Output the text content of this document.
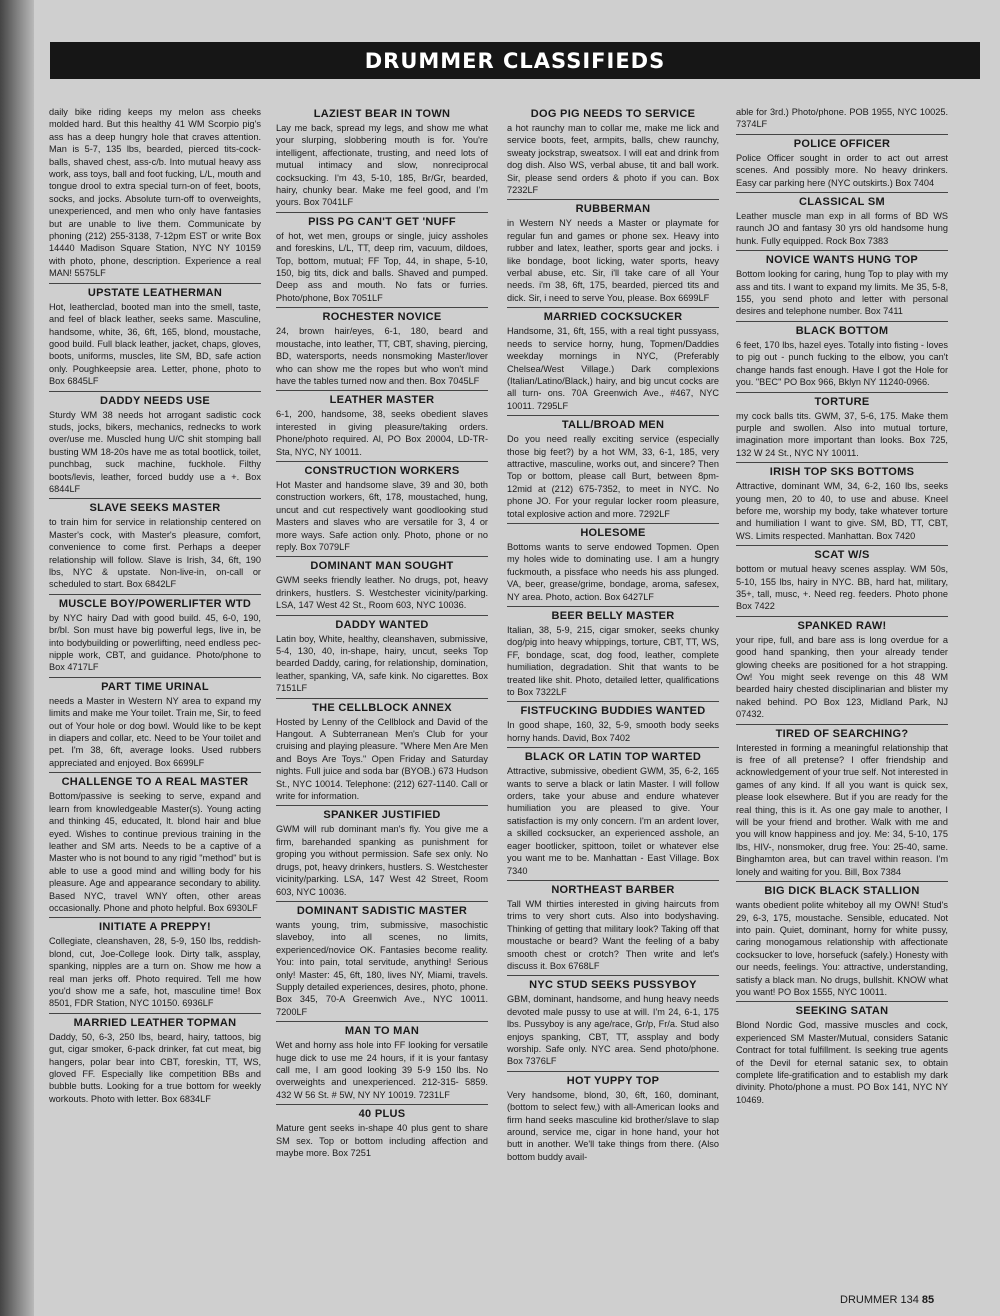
DRUMMER CLASSIFIEDS
daily bike riding keeps my melon ass cheeks molded hard. But this healthy 41 WM Scorpio pig's ass has a deep hungry hole that craves attention. Man is 5-7, 135 lbs, bearded, pierced tits-cock-balls, shaved chest, ass-c/b. Into mutual heavy ass work, ass toys, ball and foot fucking, L/L, mouth and tongue drool to extra special turn-on of feet, boots, socks, and jocks. Absolute turn-off to overweights, unexperienced, and men who only have fantasies but are unable to live them. Communicate by phoning (212) 255-3138, 7-12pm EST or write Box 14440 Madison Square Station, NYC NY 10159 with photo, phone, description. Experience a real MAN! 5575LF
UPSTATE LEATHERMAN
Hot, leatherclad, booted man into the smell, taste, and feel of black leather, seeks same. Masculine, handsome, white, 36, 6ft, 165, blond, moustache, good build. Full black leather, jacket, chaps, gloves, boots, uniforms, muscles, lite SM, BD, safe action only. Poughkeepsie area. Letter, phone, photo to Box 6845LF
DADDY NEEDS USE
Sturdy WM 38 needs hot arrogant sadistic cock studs, jocks, bikers, mechanics, rednecks to work over/use me. Muscled hung U/C shit stomping ball busting WM 18-20s have me as total bootlick, toilet, punchbag, suck machine, fuckhole. Filthy boots/levis, leather, forced buddy use a +. Box 6844LF
SLAVE SEEKS MASTER
to train him for service in relationship centered on Master's cock, with Master's pleasure, comfort, convenience to come first. Perhaps a deeper relationship will follow. Slave is Irish, 34, 6ft, 190 lbs, NYC & upstate. Non-live-in, on-call or scheduled to start. Box 6842LF
MUSCLE BOY/POWERLIFTER WTD
by NYC hairy Dad with good build. 45, 6-0, 190, br/bl. Son must have big powerful legs, live in, be into bodybuilding or powerlifting, need endless pec-nipple work, CBT, and guidance. Photo/phone to Box 4717LF
PART TIME URINAL
needs a Master in Western NY area to expand my limits and make me Your toilet. Train me, Sir, to feed out of Your hole or dog bowl. Would like to be kept in diapers and collar, etc. Need to be Your toilet and pet. I'm 38, 6ft, average looks. Used rubbers appreciated and enjoyed. Box 6699LF
CHALLENGE TO A REAL MASTER
Bottom/passive is seeking to serve, expand and learn from knowledgeable Master(s). Young acting and thinking 45, educated, lt. blond hair and blue eyed. Wishes to continue previous training in the leather and SM arts. Needs to be a captive of a Master who is not bound to any rigid "method" but is able to use a good mind and willing body for his pleasure. Age and appearance secondary to ability. Based NYC, travel WNY often, other areas occasionally. Phone and photo helpful. Box 6930LF
INITIATE A PREPPY!
Collegiate, cleanshaven, 28, 5-9, 150 lbs, reddish-blond, cut, Joe-College look. Dirty talk, assplay, spanking, nipples are a turn on. Show me how a real man jerks off. Photo required. Tell me how you'd show me a safe, hot, masculine time! Box 8501, FDR Station, NYC 10150. 6936LF
MARRIED LEATHER TOPMAN
Daddy, 50, 6-3, 250 lbs, beard, hairy, tattoos, big gut, cigar smoker, 6-pack drinker, fat cut meat, big hangers, polar bear into CBT, foreskin, TT, WS, gloved FF. Especially like competition BBs and bubble butts. Looking for a true bottom for weekly workouts. Photo with letter. Box 6834LF
LAZIEST BEAR IN TOWN
Lay me back, spread my legs, and show me what your slurping, slobbering mouth is for. You're intelligent, affectionate, trusting, and need lots of mutual intimacy and slow, nonreciprocal cocksucking. I'm 43, 5-10, 185, Br/Gr, bearded, hairy, chunky bear. Make me feel good, and I'm yours. Box 7041LF
PISS PG CAN'T GET 'NUFF
of hot, wet men, groups or single, juicy assholes and foreskins, L/L, TT, deep rim, vacuum, dildoes, Top, bottom, mutual; FF Top, 44, in shape, 5-10, 150, big tits, dick and balls. Shaved and pumped. Deep ass and mouth. No fats or furries. Photo/phone, Box 7051LF
ROCHESTER NOVICE
24, brown hair/eyes, 6-1, 180, beard and moustache, into leather, TT, CBT, shaving, piercing, BD, watersports, needs nonsmoking Master/lover who can show me the ropes but who won't mind have the tables turned now and then. Box 7045LF
LEATHER MASTER
6-1, 200, handsome, 38, seeks obedient slaves interested in giving pleasure/taking orders. Phone/photo required. Al, PO Box 20004, LD-TR-Sta, NYC, NY 10011.
CONSTRUCTION WORKERS
Hot Master and handsome slave, 39 and 30, both construction workers, 6ft, 178, moustached, hung, uncut and cut respectively want goodlooking stud Masters and slaves who are versatile for 3, 4 or more ways. Safe action only. Photo, phone or no reply. Box 7079LF
DOMINANT MAN SOUGHT
GWM seeks friendly leather. No drugs, pot, heavy drinkers, hustlers. S. Westchester vicinity/parking. LSA, 147 West 42 St., Room 603, NYC 10036.
DADDY WANTED
Latin boy, White, healthy, cleanshaven, submissive, 5-4, 130, 40, in-shape, hairy, uncut, seeks Top bearded Daddy, caring, for relationship, domination, leather, spanking, VA, safe kink. No cigarettes. Box 7151LF
THE CELLBLOCK ANNEX
Hosted by Lenny of the Cellblock and David of the Hangout. A Subterranean Men's Club for your cruising and playing pleasure. "Where Men Are Men and Boys Are Toys." Open Friday and Saturday nights. Full juice and soda bar (BYOB.) 673 Hudson St., NYC 10014. Telephone: (212) 627-1140. Call or write for information.
SPANKER JUSTIFIED
GWM will rub dominant man's fly. You give me a firm, barehanded spanking as punishment for groping you without permission. Safe sex only. No drugs, pot, heavy drinkers, hustlers. S. Westchester vicinity/parking. LSA, 147 West 42 Street, Room 603, NYC 10036.
DOMINANT SADISTIC MASTER
wants young, trim, submissive, masochistic slaveboy, into all scenes, no limits, experienced/novice OK. Fantasies become reality. You: into pain, total servitude, anything! Serious only! Master: 45, 6ft, 180, lives NY, Miami, travels. Supply detailed experiences, desires, photo, phone. Box 345, 70-A Greenwich Ave., NYC 10011. 7200LF
MAN TO MAN
Wet and horny ass hole into FF looking for versatile huge dick to use me 24 hours, if it is your fantasy call me, I am good looking 39 5-9 150 lbs. No overweights and unexperienced. 212-315- 5859. 432 W 56 St. # 5W, NY NY 10019. 7231LF
40 PLUS
Mature gent seeks in-shape 40 plus gent to share SM sex. Top or bottom including affection and maybe more. Box 7251
DOG PIG NEEDS TO SERVICE
a hot raunchy man to collar me, make me lick and service boots, feet, armpits, balls, chew raunchy, sweaty jockstrap, sweatsox. I will eat and drink from dog dish. Also WS, verbal abuse, tit and ball work. Sir, please send orders & photo if you can. Box 7232LF
RUBBERMAN
in Western NY needs a Master or playmate for regular fun and games or phone sex. Heavy into rubber and latex, leather, sports gear and jocks. i like bondage, boot licking, water sports, heavy verbal abuse, etc. Sir, i'll take care of all Your needs. i'm 38, 6ft, 175, bearded, pierced tits and dick. Sir, i need to serve You, please. Box 6699LF
MARRIED COCKSUCKER
Handsome, 31, 6ft, 155, with a real tight pussyass, needs to service horny, hung, Topmen/Daddies weekday mornings in NYC, (Preferably Chelsea/West Village.) Dark complexions (Italian/Latino/Black,) hairy, and big uncut cocks are all turn- ons. 70A Greenwich Ave., #467, NYC 10011. 7295LF
TALL/BROAD MEN
Do you need really exciting service (especially those big feet?) by a hot WM, 33, 6-1, 185, very attractive, masculine, works out, and sincere? Then Top or bottom, please call Burt, between 8pm-12mid at (212) 675-7352, to meet in NYC. No phone JO. For your regular locker room pleasure, total explosive action and more. 7292LF
HOLESOME
Bottoms wants to serve endowed Topmen. Open my holes wide to dominating use. I am a hungry fuckmouth, a pissface who needs his ass plunged. VA, beer, grease/grime, bondage, aroma, safesex, NY area. Photo, action. Box 6427LF
BEER BELLY MASTER
Italian, 38, 5-9, 215, cigar smoker, seeks chunky dog/pig into heavy whippings, torture, CBT, TT, WS, FF, bondage, scat, dog food, leather, complete humiliation, degradation. Shit that wants to be treated like shit. Photo, detailed letter, qualifications to Box 7322LF
FISTFUCKING BUDDIES WANTED
In good shape, 160, 32, 5-9, smooth body seeks horny hands. David, Box 7402
BLACK OR LATIN TOP WARTED
Attractive, submissive, obedient GWM, 35, 6-2, 165 wants to serve a black or latin Master. I will follow orders, take your abuse and endure whatever humiliation you are pleased to give. Your satisfaction is my only concern. I'm an ardent lover, a skilled cocksucker, an experienced asshole, an eager bootlicker, spittoon, toilet or whatever else you want me to be. Manhattan - East Village. Box 7340
NORTHEAST BARBER
Tall WM thirties interested in giving haircuts from trims to very short cuts. Also into bodyshaving. Thinking of getting that military look? Taking off that moustache or beard? Want the feeling of a baby smooth chest or crotch? Then write and let's discuss it. Box 6768LF
NYC STUD SEEKS PUSSYBOY
GBM, dominant, handsome, and hung heavy needs devoted male pussy to use at will. I'm 24, 6-1, 175 lbs. Pussyboy is any age/race, Gr/p, Fr/a. Stud also enjoys spanking, CBT, TT, assplay and body worship. Safe only. NYC area. Send photo/phone. Box 7376LF
HOT YUPPY TOP
Very handsome, blond, 30, 6ft, 160, dominant, (bottom to select few,) with all-American looks and firm hand seeks masculine kid brother/slave to slap around, service me, cigar in hone hand, your hot butt in another. We'll take things from there. (Also bottom buddy avail-
able for 3rd.) Photo/phone. POB 1955, NYC 10025. 7374LF
POLICE OFFICER
Police Officer sought in order to act out arrest scenes. And possibly more. No heavy drinkers. Easy car parking here (NYC outskirts.) Box 7404
CLASSICAL SM
Leather muscle man exp in all forms of BD WS raunch JO and fantasy 30 yrs old handsome hung hunk. Fully equipped. Rock Box 7383
NOVICE WANTS HUNG TOP
Bottom looking for caring, hung Top to play with my ass and tits. I want to expand my limits. Me 35, 5-8, 155, you send photo and letter with personal desires and telephone number. Box 7411
BLACK BOTTOM
6 feet, 170 lbs, hazel eyes. Totally into fisting - loves to pig out - punch fucking to the elbow, you can't change hands fast enough. Have I got the Hole for you. "BEC" PO Box 966, Bklyn NY 11240-0966.
TORTURE
my cock balls tits. GWM, 37, 5-6, 175. Make them purple and swollen. Also into mutual torture, imagination more important than looks. Box 725, 132 W 24 St., NYC NY 10011.
IRISH TOP SKS BOTTOMS
Attractive, dominant WM, 34, 6-2, 160 lbs, seeks young men, 20 to 40, to use and abuse. Kneel before me, worship my body, take whatever torture and humiliation I want to give. SM, BD, TT, CBT, WS. Limits respected. Manhattan. Box 7420
SCAT W/S
bottom or mutual heavy scenes assplay. WM 50s, 5-10, 155 lbs, hairy in NYC. BB, hard hat, military, 35+, tall, musc, +. Need reg. feeders. Photo phone Box 7422
SPANKED RAW!
your ripe, full, and bare ass is long overdue for a good hand spanking, then your already tender glowing cheeks are positioned for a hot strapping. Ow! You might seek revenge on this 48 WM bearded hairy chested disciplinarian and blister my naked behind. PO Box 123, Midland Park, NJ 07432.
TIRED OF SEARCHING?
Interested in forming a meaningful relationship that is free of all pretense? I offer friendship and acknowledgement of your true self. Not interested in games of any kind. If all you want is quick sex, please look elsewhere. But if you are ready for the real thing, this is it. As one gay male to another, I will be your friend and brother. Walk with me and you will know happiness and joy. Me: 34, 5-10, 175 lbs, HIV-, nonsmoker, drug free. You: 25-40, same. Binghamton area, but can travel within reason. I'm lonely and waiting for you. Bill, Box 7384
BIG DICK BLACK STALLION
wants obedient polite whiteboy all my OWN! Stud's 29, 6-3, 175, moustache. Sensible, educated. Not into pain. Quiet, dominant, horny for white pussy, caring monogamous relationship with affectionate cocksucker to love, horsefuck (safely.) Honesty with our needs, feelings. You: attractive, understanding, satisfy a black man. No drugs, bullshit. KNOW what you want! PO Box 1555, NYC 10011.
SEEKING SATAN
Blond Nordic God, massive muscles and cock, experienced SM Master/Mutual, considers Satanic Contract for total fulfillment. Is seeking true agents of the Devil for eternal satanic sex, to obtain complete life-gratification and to establish my dark divinity. Photo/phone a must. PO Box 141, NYC NY 10469.
DRUMMER 134 85
